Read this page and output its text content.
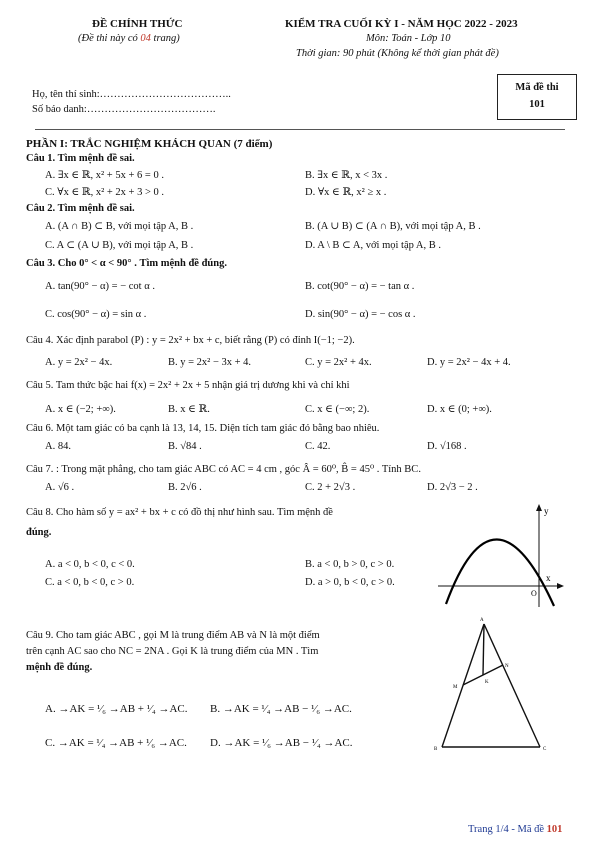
ĐỀ CHÍNH THỨC
(Đề thi này có 04 trang)
KIỂM TRA CUỐI KỲ I - NĂM HỌC 2022 - 2023
Môn: Toán - Lớp 10
Thời gian: 90 phút (Không kể thời gian phát đề)
Họ, tên thí sinh:………………………………..
Số báo danh:……………………………….
Mã đề thi
101
PHẦN I: TRẮC NGHIỆM KHÁCH QUAN (7 điểm)
Câu 1. Tìm mệnh đề sai.
A. ∃x ∈ ℝ, x² + 5x + 6 = 0 .	B. ∃x ∈ ℝ, x < 3x .
C. ∀x ∈ ℝ, x² + 2x + 3 > 0 .	D. ∀x ∈ ℝ, x² ≥ x .
Câu 2. Tìm mệnh đề sai.
A. (A ∩ B) ⊂ B, với mọi tập A, B .	B. (A ∪ B) ⊂ (A ∩ B), với mọi tập A, B .
C. A ⊂ (A ∪ B), với mọi tập A, B .	D. A \ B ⊂ A, với mọi tập A, B .
Câu 3. Cho 0° < α < 90° . Tìm mệnh đề đúng.
A. tan(90° − α) = − cot α .	B. cot(90° − α) = − tan α .
C. cos(90° − α) = sin α .	D. sin(90° − α) = − cos α .
Câu 4. Xác định parabol (P) : y = 2x² + bx + c, biết rằng (P) có đỉnh I(−1; −2).
A. y = 2x² − 4x.	B. y = 2x² − 3x + 4.	C. y = 2x² + 4x.	D. y = 2x² − 4x + 4.
Câu 5. Tam thức bậc hai f(x) = 2x² + 2x + 5 nhận giá trị dương khi và chỉ khi
A. x ∈ (−2; +∞).	B. x ∈ ℝ.	C. x ∈ (−∞; 2).	D. x ∈ (0; +∞).
Câu 6. Một tam giác có ba cạnh là 13, 14, 15. Diện tích tam giác đó bằng bao nhiêu.
A. 84.	B. √84 .	C. 42.	D. √168 .
Câu 7. : Trong mặt phẳng, cho tam giác ABC có AC = 4 cm , góc Â = 60⁰, B̂ = 45⁰ . Tính BC.
A. √6 .	B. 2√6 .	C. 2 + 2√3 .	D. 2√3 − 2 .
Câu 8. Cho hàm số y = ax² + bx + c có đồ thị như hình sau. Tìm mệnh đề
đúng.
A. a < 0, b < 0, c < 0.	B. a < 0, b > 0, c > 0.
C. a < 0, b < 0, c > 0.	D. a > 0, b < 0, c > 0.
y
x
O
Câu 9. Cho tam giác ABC , gọi M là trung điểm AB và N là một điểm
trên cạnh AC sao cho NC = 2NA . Gọi K là trung điểm của MN . Tìm
mệnh đề đúng.
A. →AK = ¹⁄₆ →AB + ¹⁄₄ →AC. B. →AK = ¹⁄₄ →AB − ¹⁄₆ →AC.
C. →AK = ¹⁄₄ →AB + ¹⁄₆ →AC. D. →AK = ¹⁄₆ →AB − ¹⁄₄ →AC.
A
B	C
M
N
K
Trang 1/4 - Mã đề 101
